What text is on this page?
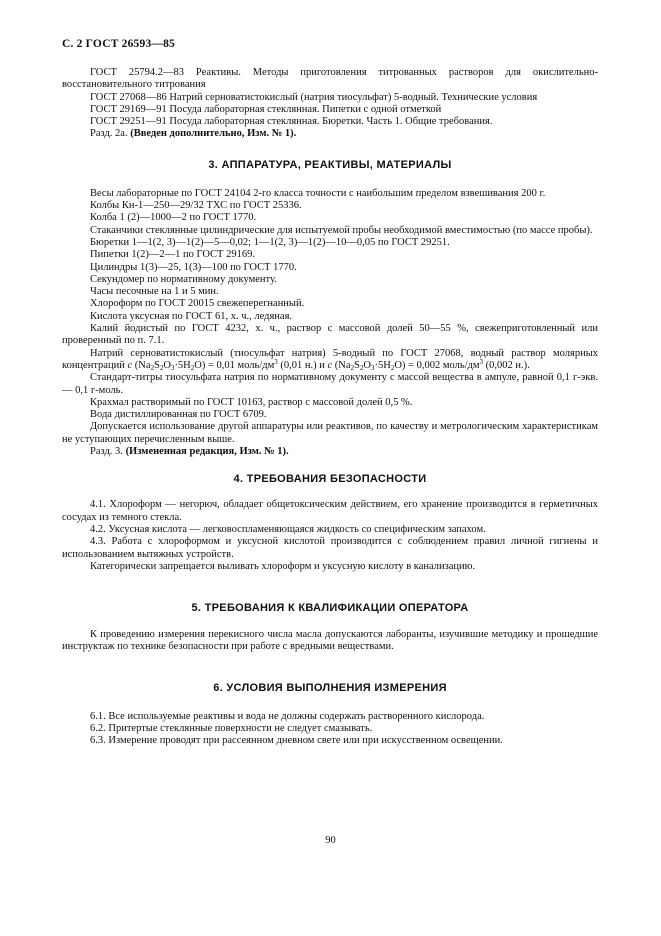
С. 2 ГОСТ 26593—85

ГОСТ 25794.2—83 Реактивы. Методы приготовления титрованных растворов для окислительно-восстановительного титрования

ГОСТ 27068—86 Натрий серноватистокислый (натрия тиосульфат) 5-водный. Технические условия

ГОСТ 29169—91 Посуда лабораторная стеклянная. Пипетки с одной отметкой

ГОСТ 29251—91 Посуда лабораторная стеклянная. Бюретки. Часть 1. Общие требования.

Разд. 2а. (Введен дополнительно, Изм. № 1).

3. АППАРАТУРА, РЕАКТИВЫ, МАТЕРИАЛЫ

Весы лабораторные по ГОСТ 24104 2-го класса точности с наибольшим пределом взвешивания 200 г.

Колбы Кн-1—250—29/32 ТХС по ГОСТ 25336.

Колба 1 (2)—1000—2 по ГОСТ 1770.

Стаканчики стеклянные цилиндрические для испытуемой пробы необходимой вместимостью (по массе пробы).

Бюретки 1—1(2, 3)—1(2)—5—0,02; 1—1(2, 3)—1(2)—10—0,05 по ГОСТ 29251.

Пипетки 1(2)—2—1 по ГОСТ 29169.

Цилиндры 1(3)—25, 1(3)—100 по ГОСТ 1770.

Секундомер по нормативному документу.

Часы песочные на 1 и 5 мин.

Хлороформ по ГОСТ 20015 свежеперегнанный.

Кислота уксусная по ГОСТ 61, х. ч., ледяная.

Калий йодистый по ГОСТ 4232, х. ч., раствор с массовой долей 50—55 %, свежеприготовленный или проверенный по п. 7.1.

Натрий серноватистокислый (тиосульфат натрия) 5-водный по ГОСТ 27068, водный раствор молярных концентраций c $(Na_2S_2O_3\cdot 5H_2O) = 0,01$ моль/$дм^3$ (0,01 н.) и c $(Na_2S_2O_3\cdot 5H_2O) = 0,002$ моль/$дм^3$ (0,002 н.).

Стандарт-титры тиосульфата натрия по нормативному документу с массой вещества в ампуле, равной 0,1 г-экв. — 0,1 г-моль.

Крахмал растворимый по ГОСТ 10163, раствор с массовой долей 0,5 %.

Вода дистиллированная по ГОСТ 6709.

Допускается использование другой аппаратуры или реактивов, по качеству и метрологическим характеристикам не уступающих перечисленным выше.

Разд. 3. (Измененная редакция, Изм. № 1).

4. ТРЕБОВАНИЯ БЕЗОПАСНОСТИ

4.1. Хлороформ — негорюч, обладает общетоксическим действием, его хранение производится в герметичных сосудах из темного стекла.

4.2. Уксусная кислота — легковоспламеняющаяся жидкость со специфическим запахом.

4.3. Работа с хлороформом и уксусной кислотой производится с соблюдением правил личной гигиены и использованием вытяжных устройств.

Категорически запрещается выливать хлороформ и уксусную кислоту в канализацию.

5. ТРЕБОВАНИЯ К КВАЛИФИКАЦИИ ОПЕРАТОРА

К проведению измерения перекисного числа масла допускаются лаборанты, изучившие методику и прошедшие инструктаж по технике безопасности при работе с вредными веществами.

6. УСЛОВИЯ ВЫПОЛНЕНИЯ ИЗМЕРЕНИЯ

6.1. Все используемые реактивы и вода не должны содержать растворенного кислорода.

6.2. Притертые стеклянные поверхности не следует смазывать.

6.3. Измерение проводят при рассеянном дневном свете или при искусственном освещении.

90
